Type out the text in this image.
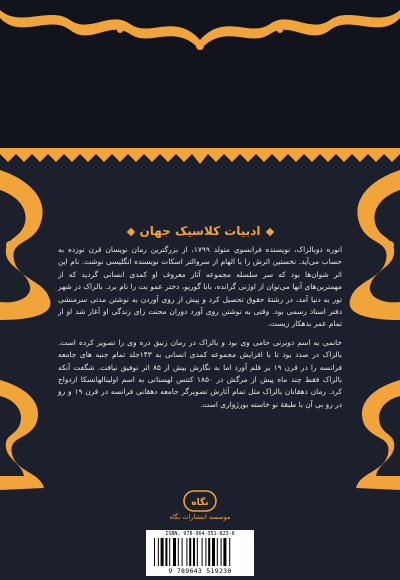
ادبیات کلاسیک جهان

انوره دوبالزاک، نویسنده فرانسوی متولد ۱۷۹۹، از بزرگترین رمان نویسان قرن نوزده به حساب می‌آید. نخستین اثرش را با الهام از سروالتر اسکات نویسنده انگلیسی نوشت. نام این اثر شوان‌ها بود که سر سلسله مجموعه آثار معروف او کمدی انسانی گردید که از مهمترین‌های آنها می‌توان از اوژنی گرانده، بابا گوریو، دختر عمو بت را نام برد. بالزاک در شهر تور به دنیا آمد، در رشتهٔ حقوق تحصیل کرد و پیش از روی آوردن به نوشتن مدتی سرمنشی دفتر استاد رسمی بود. وقتی به نوشتن روی آورد دوران محنت زای زندگی او آغاز شد او از تمام عمر بدهکار زیست.

خانمی به اسم دوبرنی حامی وی بود و بالزاک در رمان زنبق دره وی را تصویر کرده است. بالزاک در صدد بود تا با افزایش مجموعه کمدی انسانی به ۱۴۳جلد تمام جنبه های جامعه فرانسه را در قرن ۱۹ بر قلم آورد اما به نگارش بیش از ۸۵ اثر توفیق نیافت. شگفت آنکه بالزاک فقط چند ماه پیش از مرگش در ۱۸۵۰ کنتس لهستانی به اسم اولینالهانسکا ازدواج کرد. رمان دهقانان بالزاک مثل تمام آثارش تصویرگر جامعه دهقانی فرانسه در قرن ۱۹ و رو در رو بی آن با طبقهٔ نو خاسته بورژواری است.

نگاه
موسسه انتشارات نگاه
ISBN: 978-964-351-823-0
9 789643 519230
